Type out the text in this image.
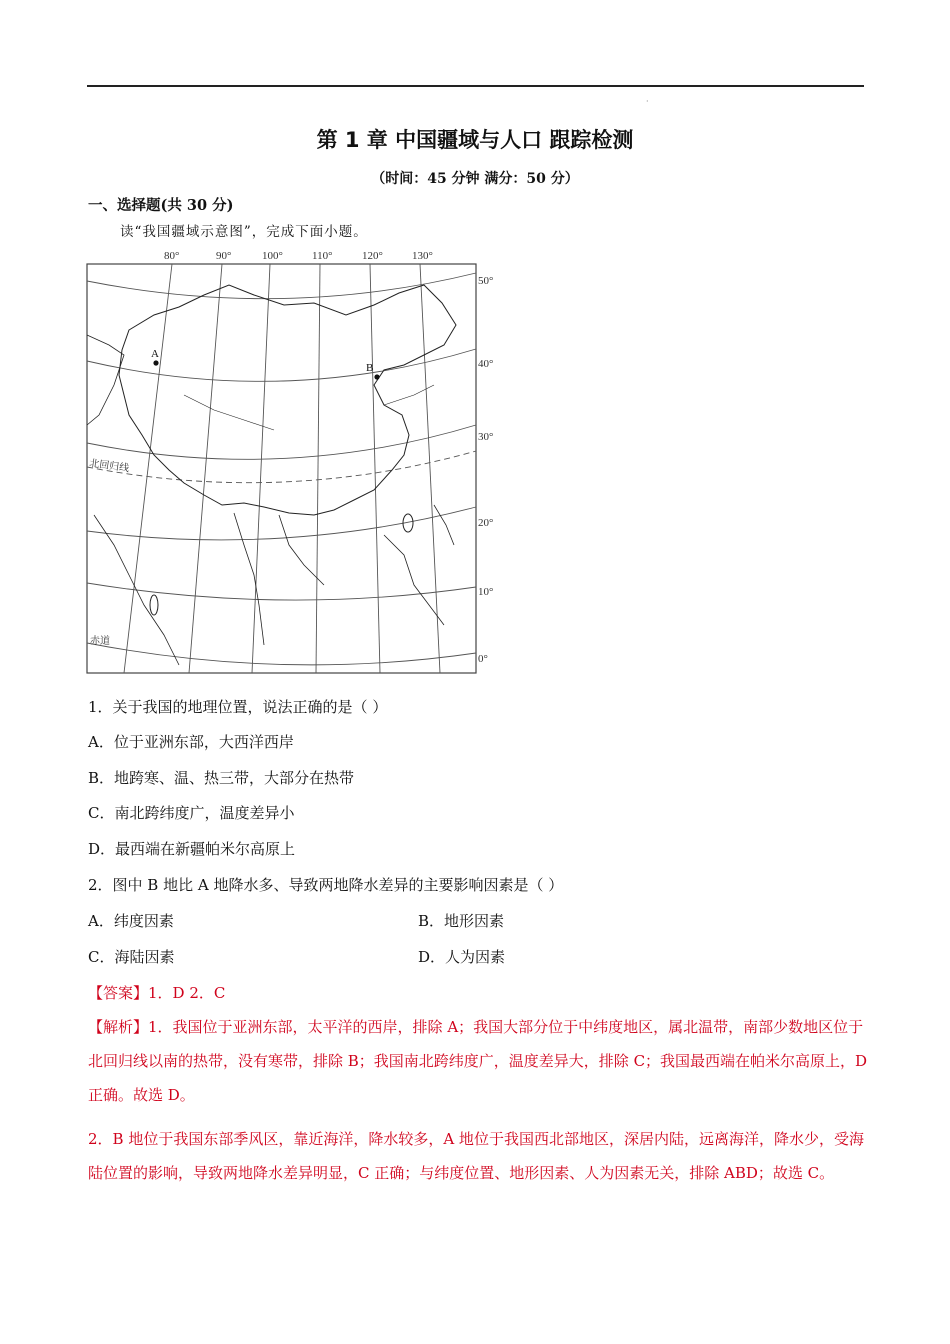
·
第 1 章 中国疆域与人口 跟踪检测
（时间：45 分钟 满分：50 分）
一、选择题(共 30 分)
读“我国疆域示意图”，完成下面小题。
80°	90°	100°	110°	120°	130°
50°
40°
30°
20°
10°
0°
A
B
北回归线
赤道
1．关于我国的地理位置，说法正确的是（ ）
A．位于亚洲东部，大西洋西岸
B．地跨寒、温、热三带，大部分在热带
C．南北跨纬度广，温度差异小
D．最西端在新疆帕米尔高原上
2．图中 B 地比 A 地降水多、导致两地降水差异的主要影响因素是（ ）
A．纬度因素	B．地形因素
C．海陆因素	D．人为因素
【答案】1．D 2．C
【解析】1．我国位于亚洲东部，太平洋的西岸，排除 A；我国大部分位于中纬度地区，属北温带，南部少数地区位于北回归线以南的热带，没有寒带，排除 B；我国南北跨纬度广，温度差异大，排除 C；我国最西端在帕米尔高原上，D 正确。故选 D。
2．B 地位于我国东部季风区，靠近海洋，降水较多，A 地位于我国西北部地区，深居内陆，远离海洋，降水少，受海陆位置的影响，导致两地降水差异明显，C 正确；与纬度位置、地形因素、人为因素无关，排除 ABD；故选 C。
